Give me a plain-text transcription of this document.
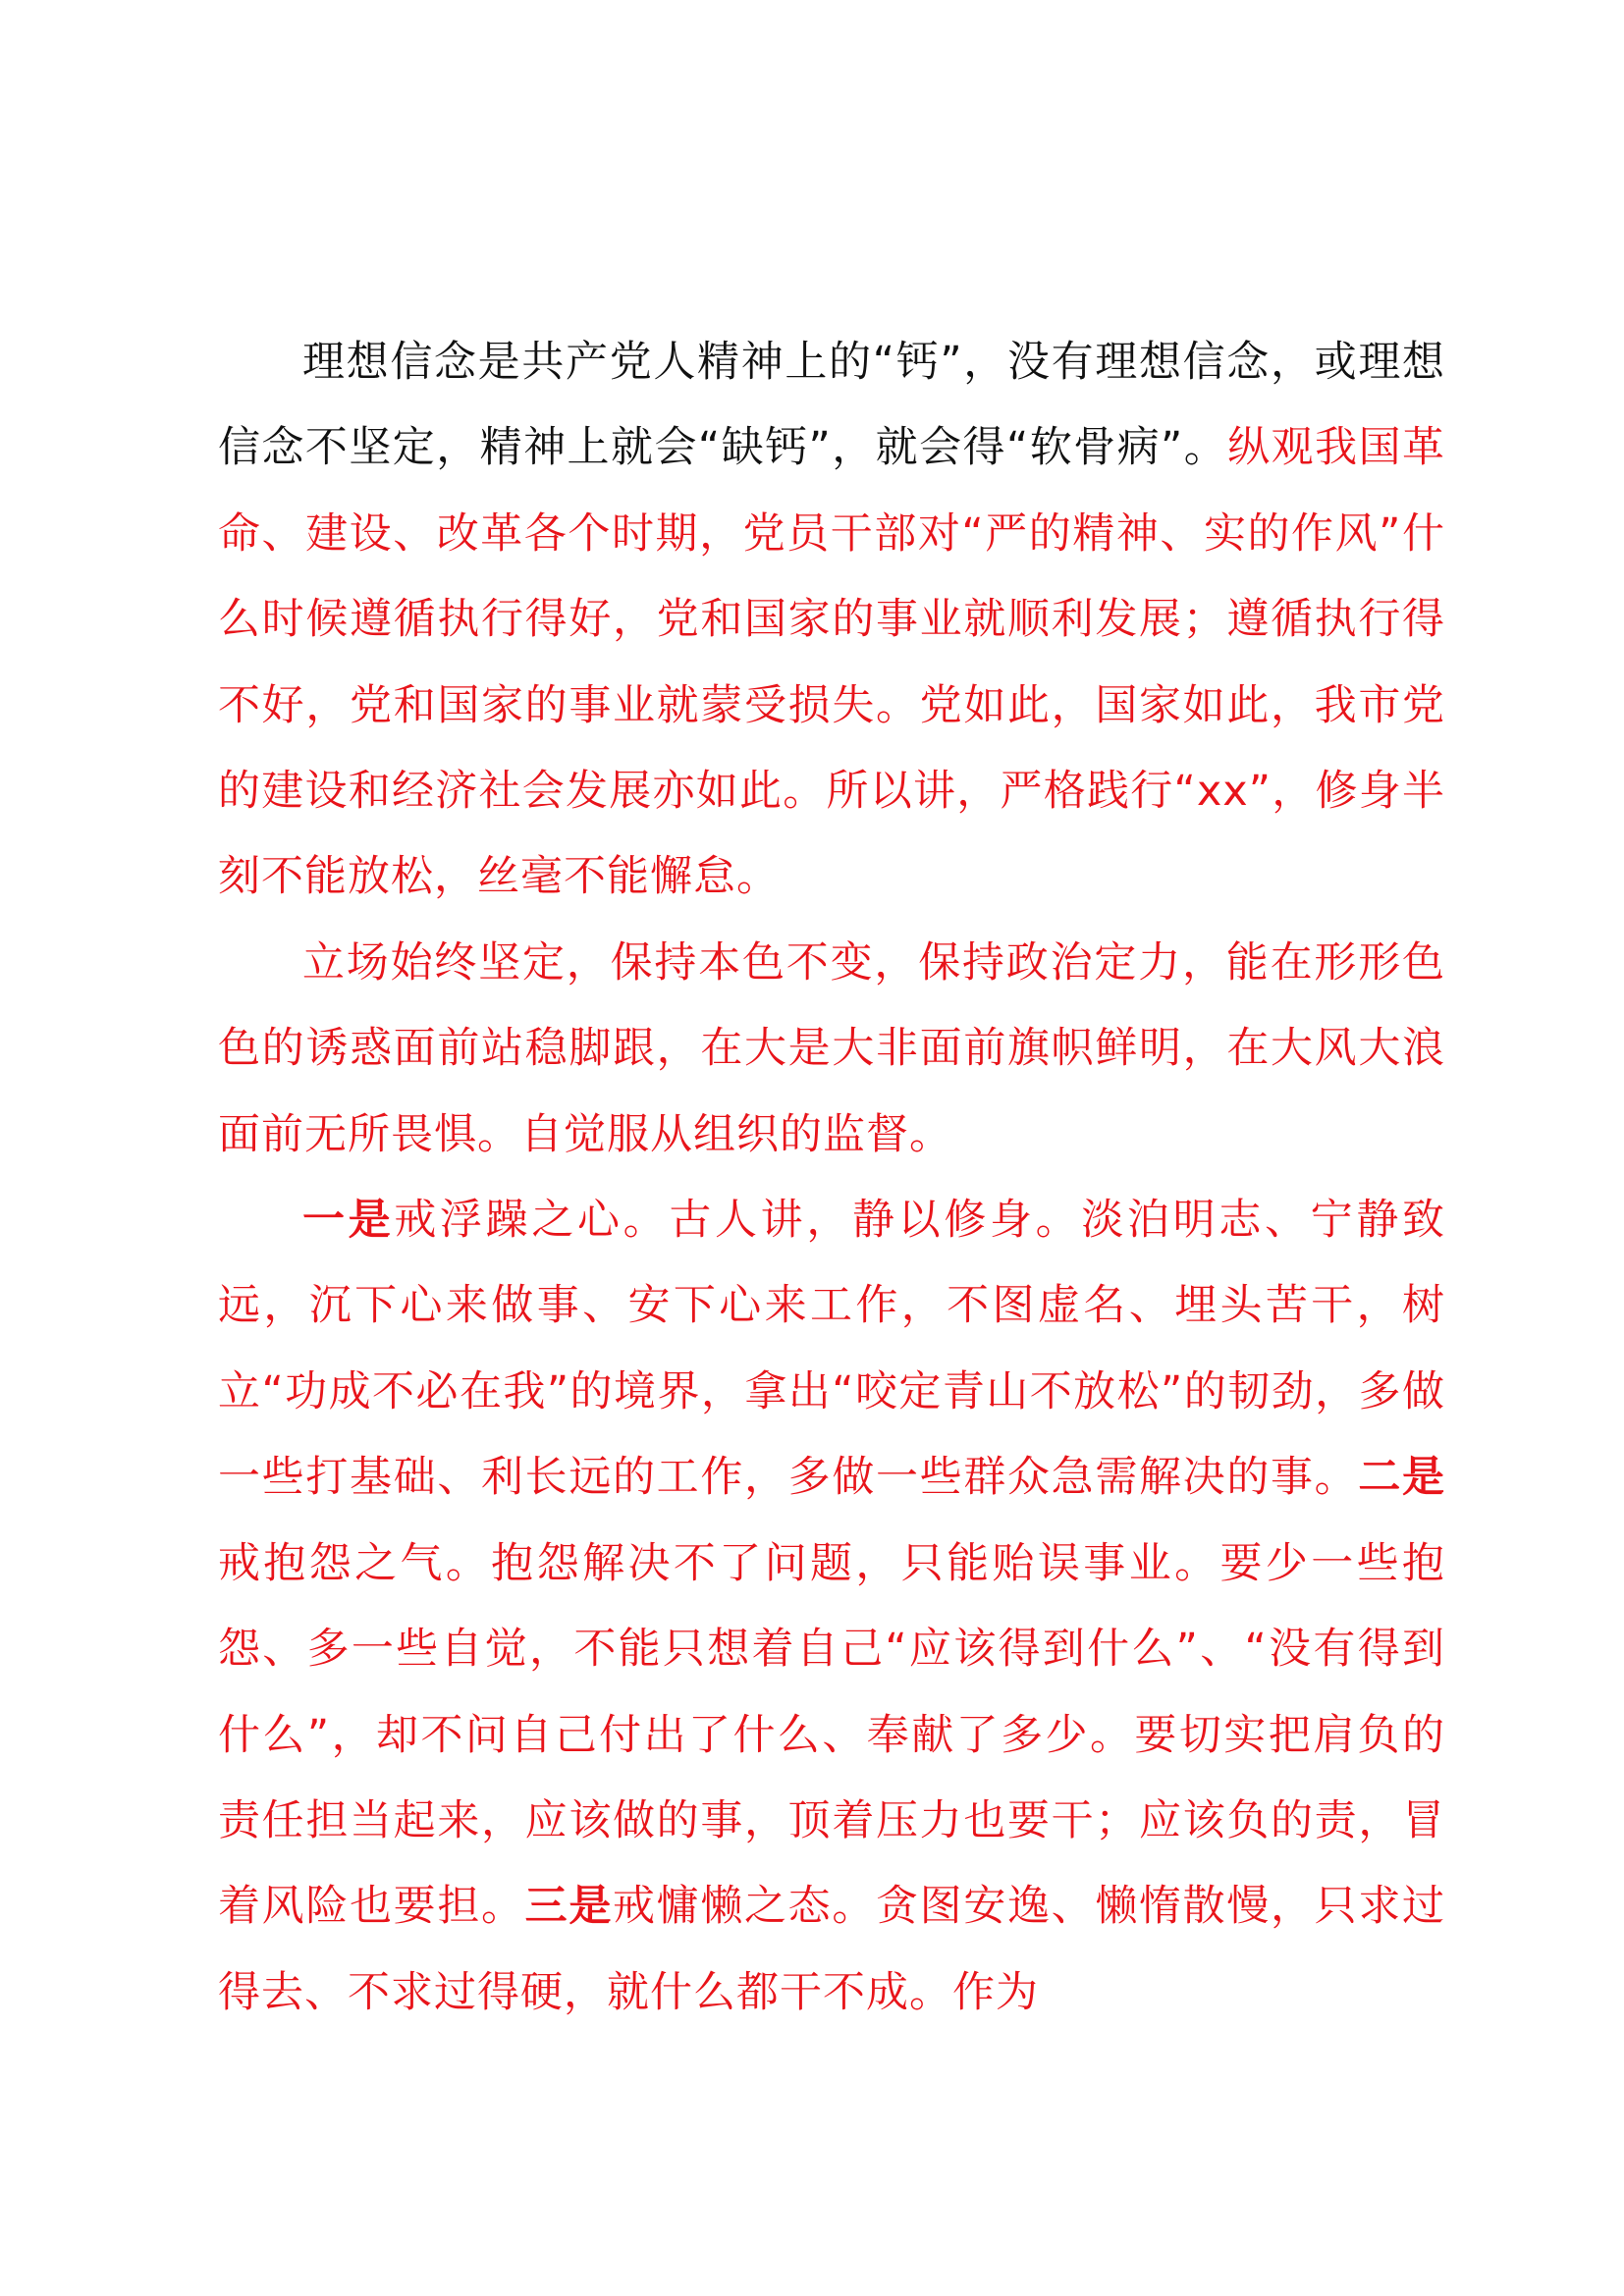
理想信念是共产党人精神上的“钙”，没有理想信念，或理想信念不坚定，精神上就会“缺钙”，就会得“软骨病”。纵观我国革命、建设、改革各个时期，党员干部对“严的精神、实的作风”什么时候遵循执行得好，党和国家的事业就顺利发展；遵循执行得不好，党和国家的事业就蒙受损失。党如此，国家如此，我市党的建设和经济社会发展亦如此。所以讲，严格践行“xx”，修身半刻不能放松，丝毫不能懈怠。

立场始终坚定，保持本色不变，保持政治定力，能在形形色色的诱惑面前站稳脚跟，在大是大非面前旗帜鲜明，在大风大浪面前无所畏惧。自觉服从组织的监督。

一是戒浮躁之心。古人讲，静以修身。淡泊明志、宁静致远，沉下心来做事、安下心来工作，不图虚名、埋头苦干，树立“功成不必在我”的境界，拿出“咬定青山不放松”的韧劲，多做一些打基础、利长远的工作，多做一些群众急需解决的事。二是戒抱怨之气。抱怨解决不了问题，只能贻误事业。要少一些抱怨、多一些自觉，不能只想着自己“应该得到什么”、“没有得到什么”，却不问自己付出了什么、奉献了多少。要切实把肩负的责任担当起来，应该做的事，顶着压力也要干；应该负的责，冒着风险也要担。三是戒慵懒之态。贪图安逸、懒惰散慢，只求过得去、不求过得硬，就什么都干不成。作为
